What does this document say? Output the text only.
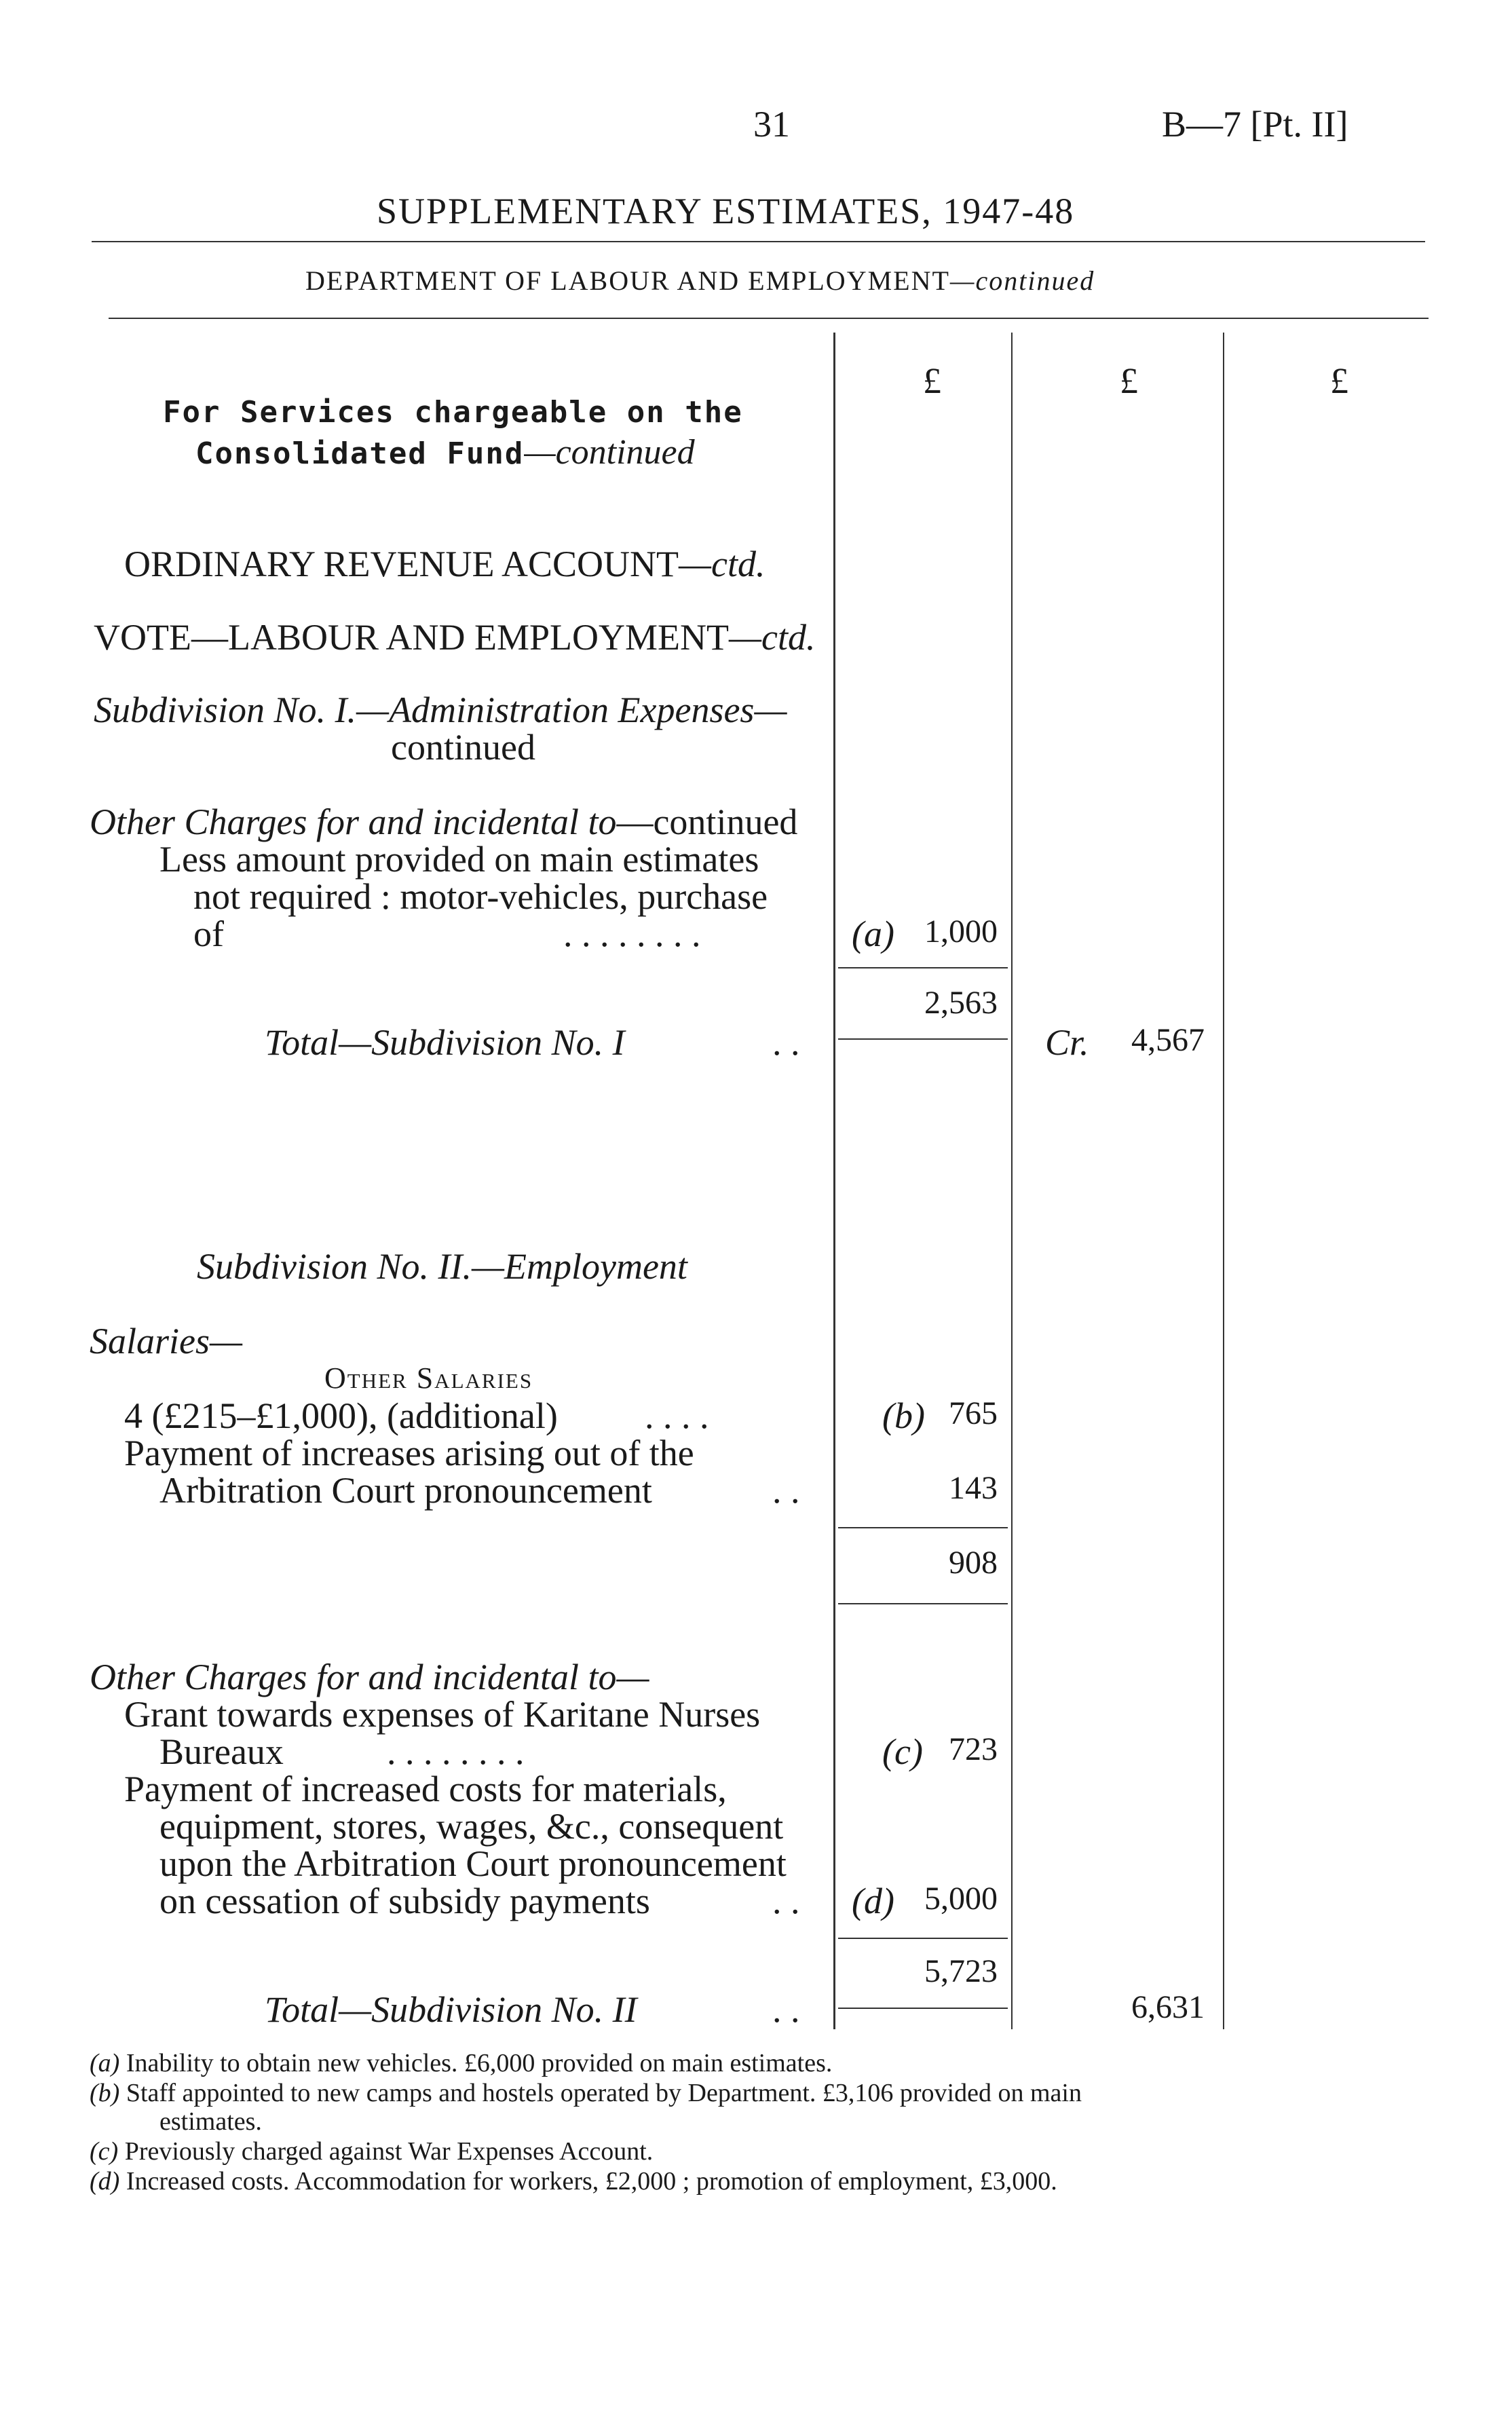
31	B—7 [Pt. II]
SUPPLEMENTARY ESTIMATES, 1947-48
DEPARTMENT OF LABOUR AND EMPLOYMENT—continued
£	£	£
For Services chargeable on the
Consolidated Fund—continued
ORDINARY REVENUE ACCOUNT—ctd.
VOTE—LABOUR AND EMPLOYMENT—ctd.
Subdivision No. I.—Administration Expenses—
continued
Other Charges for and incidental to—continued
Less amount provided on main estimates
not required : motor-vehicles, purchase
of	. . . . . . . .	(a) 1,000
2,563
Total—Subdivision No. I	. .	Cr.	4,567
Subdivision No. II.—Employment
Salaries—
Other Salaries
4 (£215–£1,000), (additional) . . . .	(b) 765
Payment of increases arising out of the
Arbitration Court pronouncement	. .	143
908
Other Charges for and incidental to—
Grant towards expenses of Karitane Nurses
Bureaux	. . . . . . . .	(c) 723
Payment of increased costs for materials,
equipment, stores, wages, &c., consequent
upon the Arbitration Court pronouncement
on cessation of subsidy payments	. . (d) 5,000
5,723
Total—Subdivision No. II	. .	6,631
(a) Inability to obtain new vehicles. £6,000 provided on main estimates.
(b) Staff appointed to new camps and hostels operated by Department. £3,106 provided on main
estimates.
(c) Previously charged against War Expenses Account.
(d) Increased costs. Accommodation for workers, £2,000 ; promotion of employment, £3,000.
